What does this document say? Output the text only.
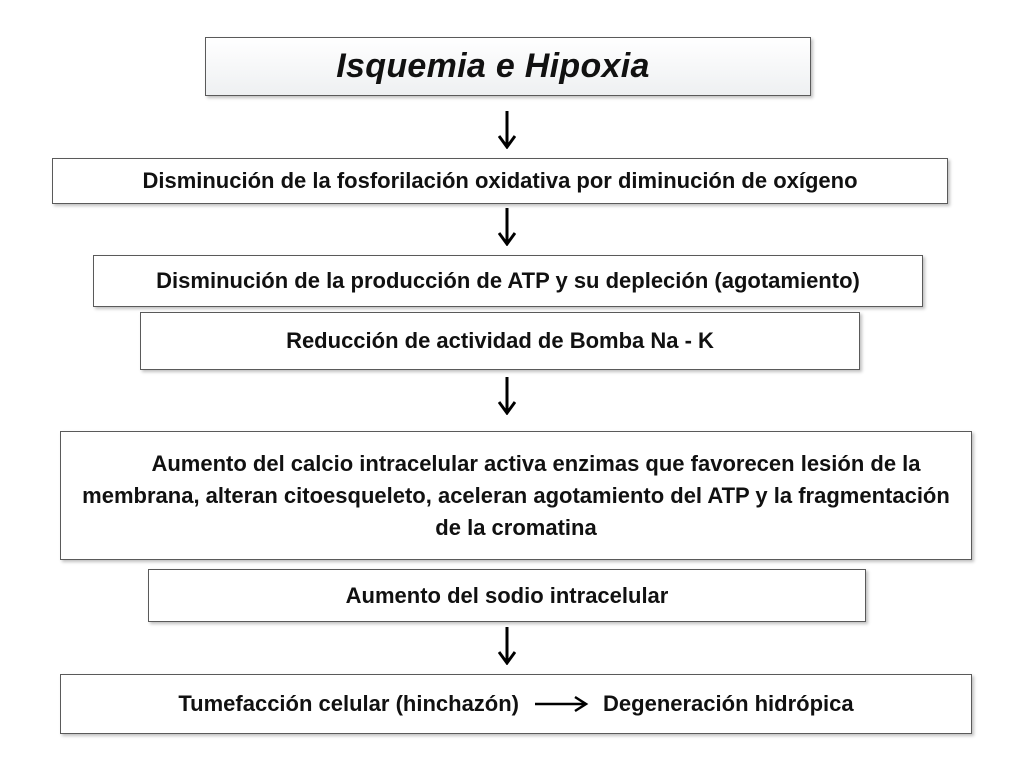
Isquemia e Hipoxia
Disminución de la fosforilación oxidativa por diminución de oxígeno
Disminución de la producción de ATP y su depleción (agotamiento)
Reducción de actividad de Bomba Na - K
Aumento del calcio intracelular activa enzimas que favorecen lesión de la membrana, alteran citoesqueleto, aceleran agotamiento del ATP y la fragmentación de la cromatina
Aumento del sodio intracelular
Tumefacción celular (hinchazón)	Degeneración hidrópica
